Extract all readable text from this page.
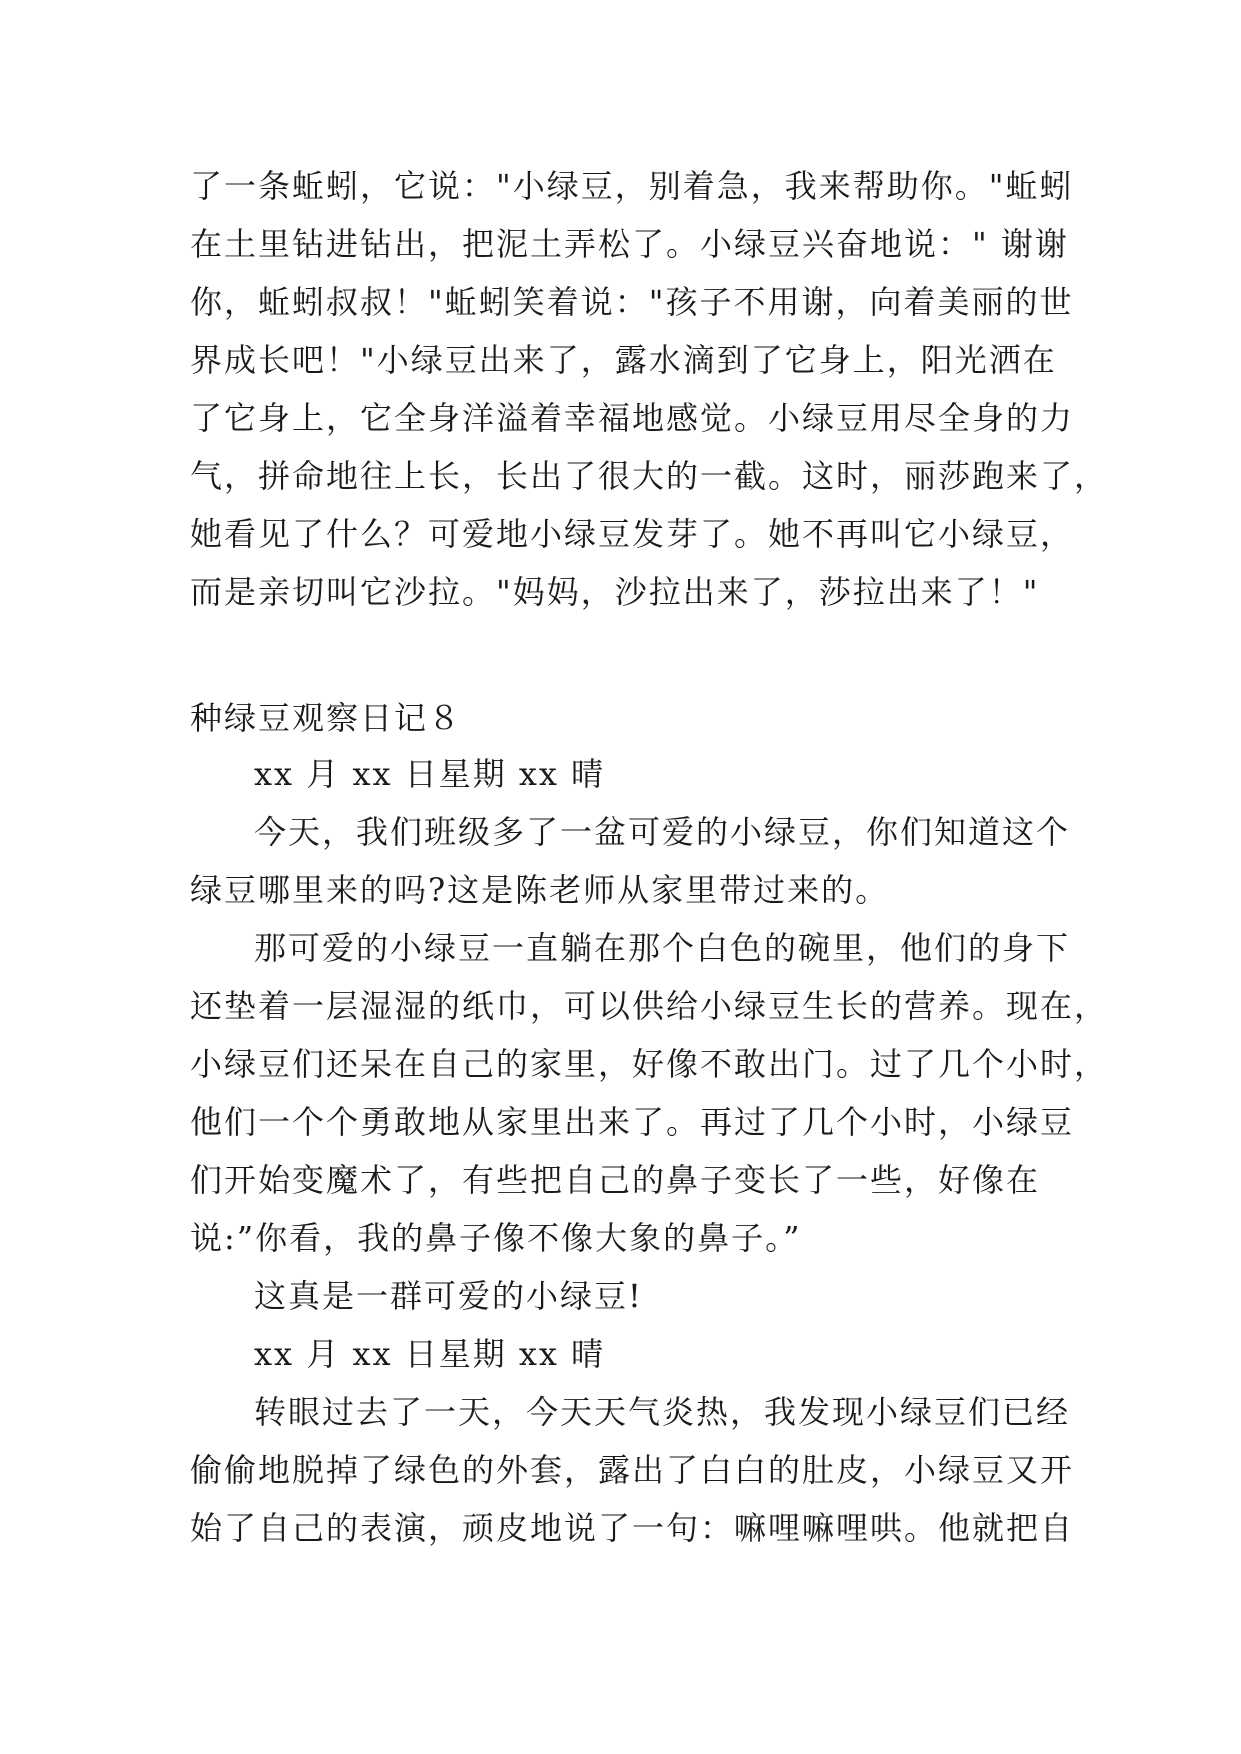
了一条蚯蚓，它说："小绿豆，别着急，我来帮助你。"蚯蚓
在土里钻进钻出，把泥土弄松了。小绿豆兴奋地说：" 谢谢
你，蚯蚓叔叔！"蚯蚓笑着说："孩子不用谢，向着美丽的世
界成长吧！"小绿豆出来了，露水滴到了它身上，阳光洒在
了它身上，它全身洋溢着幸福地感觉。小绿豆用尽全身的力
气，拼命地往上长，长出了很大的一截。这时，丽莎跑来了，
她看见了什么？可爱地小绿豆发芽了。她不再叫它小绿豆，
而是亲切叫它沙拉。"妈妈，沙拉出来了，莎拉出来了！"
种绿豆观察日记８
xx 月 xx 日星期 xx 晴
今天，我们班级多了一盆可爱的小绿豆，你们知道这个
绿豆哪里来的吗?这是陈老师从家里带过来的。
那可爱的小绿豆一直躺在那个白色的碗里，他们的身下
还垫着一层湿湿的纸巾，可以供给小绿豆生长的营养。现在，
小绿豆们还呆在自己的家里，好像不敢出门。过了几个小时，
他们一个个勇敢地从家里出来了。再过了几个小时，小绿豆
们开始变魔术了，有些把自己的鼻子变长了一些，好像在
说:”你看，我的鼻子像不像大象的鼻子。”
这真是一群可爱的小绿豆!
xx 月 xx 日星期 xx 晴
转眼过去了一天，今天天气炎热，我发现小绿豆们已经
偷偷地脱掉了绿色的外套，露出了白白的肚皮，小绿豆又开
始了自己的表演，顽皮地说了一句：嘛哩嘛哩哄。他就把自
